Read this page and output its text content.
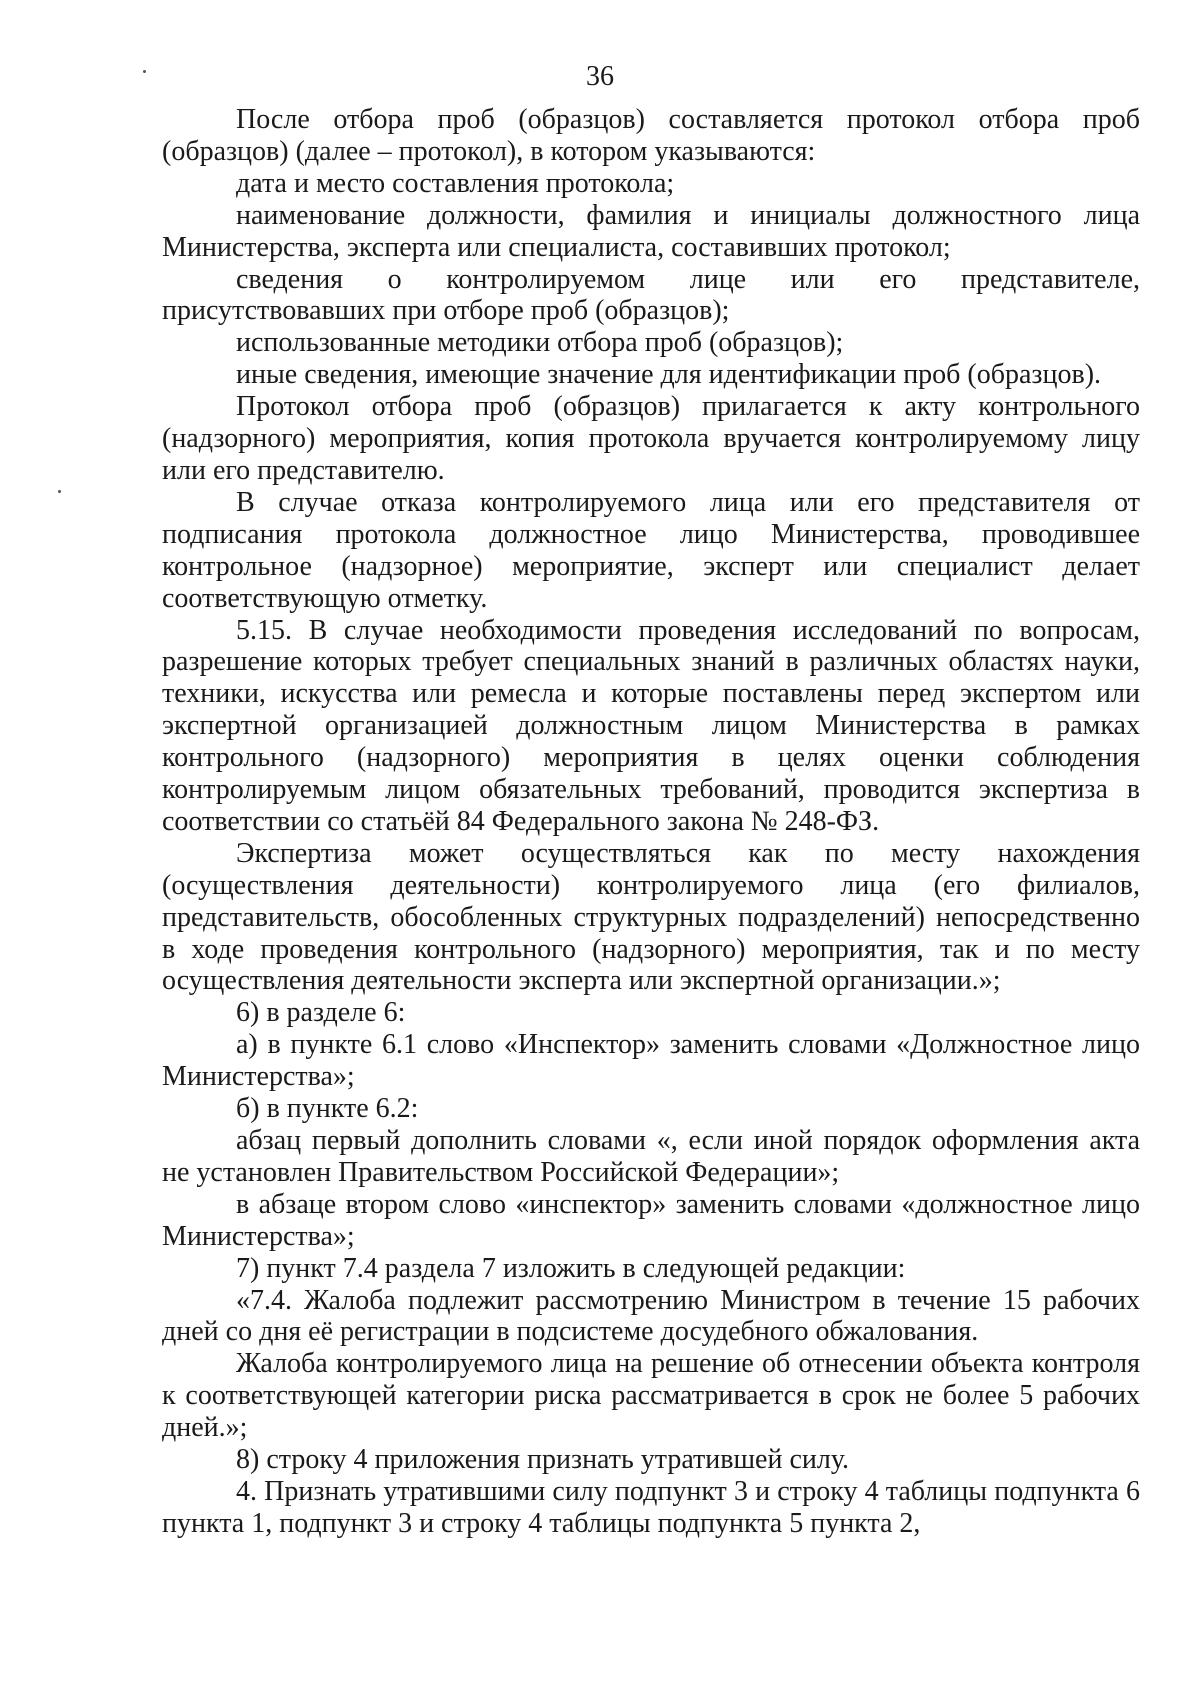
36

После отбора проб (образцов) составляется протокол отбора проб (образцов) (далее – протокол), в котором указываются:

дата и место составления протокола;

наименование должности, фамилия и инициалы должностного лица Министерства, эксперта или специалиста, составивших протокол;

сведения о контролируемом лице или его представителе, присутствовавших при отборе проб (образцов);

использованные методики отбора проб (образцов);

иные сведения, имеющие значение для идентификации проб (образцов).

Протокол отбора проб (образцов) прилагается к акту контрольного (надзорного) мероприятия, копия протокола вручается контролируемому лицу или его представителю.

В случае отказа контролируемого лица или его представителя от подписания протокола должностное лицо Министерства, проводившее контрольное (надзорное) мероприятие, эксперт или специалист делает соответствующую отметку.

5.15. В случае необходимости проведения исследований по вопросам, разрешение которых требует специальных знаний в различных областях науки, техники, искусства или ремесла и которые поставлены перед экспертом или экспертной организацией должностным лицом Министерства в рамках контрольного (надзорного) мероприятия в целях оценки соблюдения контролируемым лицом обязательных требований, проводится экспертиза в соответствии со статьёй 84 Федерального закона № 248-ФЗ.

Экспертиза может осуществляться как по месту нахождения (осуществления деятельности) контролируемого лица (его филиалов, представительств, обособленных структурных подразделений) непосредственно в ходе проведения контрольного (надзорного) мероприятия, так и по месту осуществления деятельности эксперта или экспертной организации.»;

6) в разделе 6:

а) в пункте 6.1 слово «Инспектор» заменить словами «Должностное лицо Министерства»;

б) в пункте 6.2:

абзац первый дополнить словами «, если иной порядок оформления акта не установлен Правительством Российской Федерации»;

в абзаце втором слово «инспектор» заменить словами «должностное лицо Министерства»;

7) пункт 7.4 раздела 7 изложить в следующей редакции:

«7.4. Жалоба подлежит рассмотрению Министром в течение 15 рабочих дней со дня её регистрации в подсистеме досудебного обжалования.

Жалоба контролируемого лица на решение об отнесении объекта контроля к соответствующей категории риска рассматривается в срок не более 5 рабочих дней.»;

8) строку 4 приложения признать утратившей силу.

4. Признать утратившими силу подпункт 3 и строку 4 таблицы подпункта 6 пункта 1, подпункт 3 и строку 4 таблицы подпункта 5 пункта 2,
